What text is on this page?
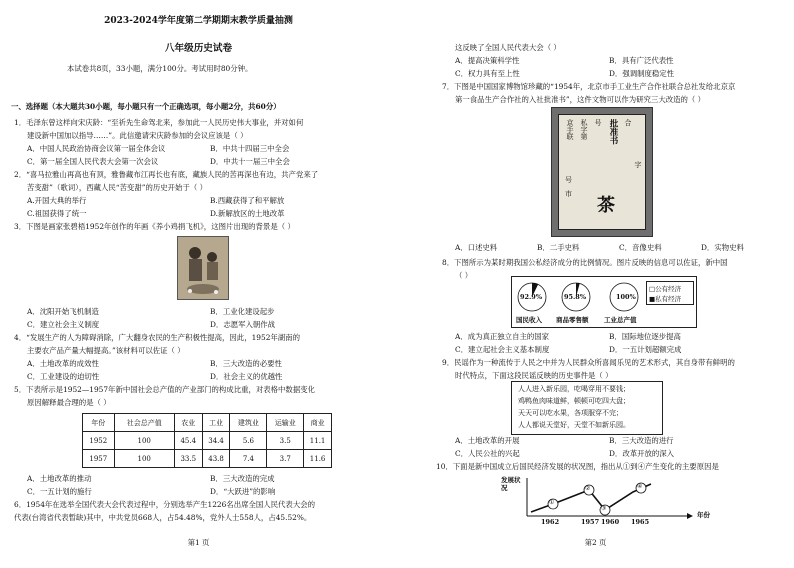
2023-2024学年度第二学期期末教学质量抽测
八年级历史试卷
本试卷共8页，33小题，满分100分。考试用时80分钟。
一、选择题（本大题共30小题，每小题只有一个正确选项，每小题2分，共60分）
1．毛泽东曾这样向宋庆龄：“至祈先生命驾北来，参加此一人民历史伟大事业，并对如何
建设新中国加以指导……”。此信邀请宋庆龄参加的会议应该是（ ）
A．中国人民政治协商会议第一届全体会议	B．中共十四届三中全会
C．第一届全国人民代表大会第一次会议	D．中共十一届三中全会
2．“喜马拉雅山再高也有顶，雅鲁藏布江再长也有底，藏族人民的苦再深也有边，共产党来了
苦变甜”（歌词），西藏人民“苦变甜”的历史开始于（ ）
A.开国大典的举行	B.西藏获得了和平解放
C.祖国获得了统一	D.新解放区的土地改革
3．下图是画家张碧梧1952年创作的年画《养小鸡捐飞机》，这图片出现的背景是（ ）
A．沈阳开始飞机制造	B．工业化建设起步
C．建立社会主义制度	D．志愿军入朝作战
4．“发展生产的人为障碍消除，广大翻身农民的生产积极性提高，因此，1952年湖南的
主要农产品产量大幅提高。”该材料可以佐证（ ）
A．土地改革的成效性	B．三大改造的必要性
C．工业建设的迫切性	D．社会主义的优越性
5．下表所示是1952—1957年新中国社会总产值的产业部门的构成比重，对表格中数据变化
原因解释最合理的是（ ）
年份	社会总产值	农业	工业	建筑业	运输业	商业
1952	100	45.4	34.4	5.6	3.5	11.1
1957	100	33.5	43.8	7.4	3.7	11.6
A．土地改革的推动	B．三大改造的完成
C．一五计划的施行	D．“大跃进”的影响
6．1954年在选举全国代表大会代表过程中，分别选举产生1226名出席全国人民代表大会的
代表(台湾省代表暂缺)其中，中共党员668人，占54.48%，党外人士558人，占45.52%。
第1 页
这反映了全国人民代表大会（ ）
A．提高决策科学性	B．具有广泛代表性
C．权力具有至上性	D．强调制度稳定性
7．下图是中国国家博物馆珍藏的“1954年，北京市手工业生产合作社联合总社发给北京京
第一食品生产合作社的入社批准书”，这件文物可以作为研究三大改造的（ ）
京手联 私字第 号 批准书 合
字
号
市
茶
A．口述史料	B．二手史料	C．音像史料	D．实物史料
8．下图所示为某时期我国公私经济成分的比例情况。图片反映的信息可以佐证，新中国
（ ）
92.9%	95.8%	100%
□公有经济
■私有经济
国民收入 商品零售额 工业总产值
A．成为真正独立自主的国家	B．国际地位逐步提高
C．建立起社会主义基本制度	D．一五计划超额完成
9．民谣作为一种流传于人民之中并为人民群众所喜闻乐见的艺术形式，其自身带有鲜明的
时代特点，下面这段民谣反映的历史事件是（ ）
人人进入新乐园，吃喝穿用不要钱；
鸡鸭鱼肉味道鲜，顿顿可吃四大盘；
天天可以吃水果，各项服穿不完；
人人都说天堂好，天堂不如新乐园。
A．土地改革的开展	B．三大改造的进行
C．人民公社的兴起	D．改革开放的深入
10．下面是新中国成立后国民经济发展的状况图，指出从①到④产生变化的主要原因是
发展状况
①
②
③
④
1962	1957 1960 1965
年份
第2 页
